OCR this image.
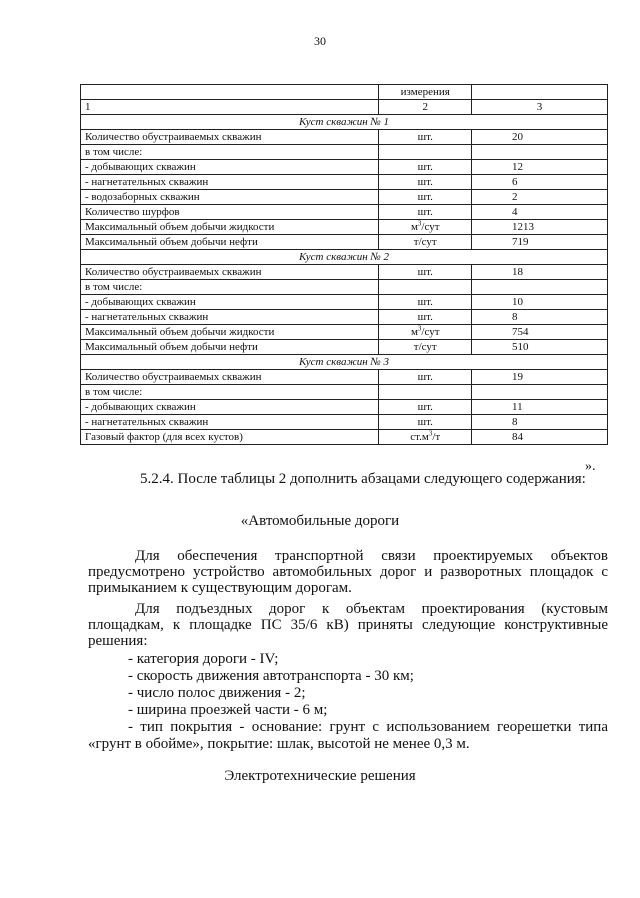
30
	измерения	
1	2	3
Куст скважин № 1		
Количество обустраиваемых скважин	шт.	20
в том числе:		
- добывающих скважин	шт.	12
- нагнетательных скважин	шт.	6
- водозаборных скважин	шт.	2
Количество шурфов	шт.	4
Максимальный объем добычи жидкости	$м^3$/сут	1213
Максимальный объем добычи нефти	т/сут	719
Куст скважин № 2		
Количество обустраиваемых скважин	шт.	18
в том числе:		
- добывающих скважин	шт.	10
- нагнетательных скважин	шт.	8
Максимальный объем добычи жидкости	$м^3$/сут	754
Максимальный объем добычи нефти	т/сут	510
Куст скважин № 3		
Количество обустраиваемых скважин	шт.	19
в том числе:		
- добывающих скважин	шт.	11
- нагнетательных скважин	шт.	8
Газовый фактор (для всех кустов)	$ст.м^3/т$	84
».
5.2.4. После таблицы 2 дополнить абзацами следующего содержания:
«Автомобильные дороги
Для обеспечения транспортной связи проектируемых объектов предусмотрено устройство автомобильных дорог и разворотных площадок с примыканием к существующим дорогам.
Для подъездных дорог к объектам проектирования (кустовым площадкам, к площадке ПС 35/6 кВ) приняты следующие конструктивные решения:
- категория дороги - IV;
- скорость движения автотранспорта - 30 км;
- число полос движения - 2;
- ширина проезжей части - 6 м;
- тип покрытия - основание: грунт с использованием георешетки типа «грунт в обойме», покрытие: шлак, высотой не менее 0,3 м.
Электротехнические решения
